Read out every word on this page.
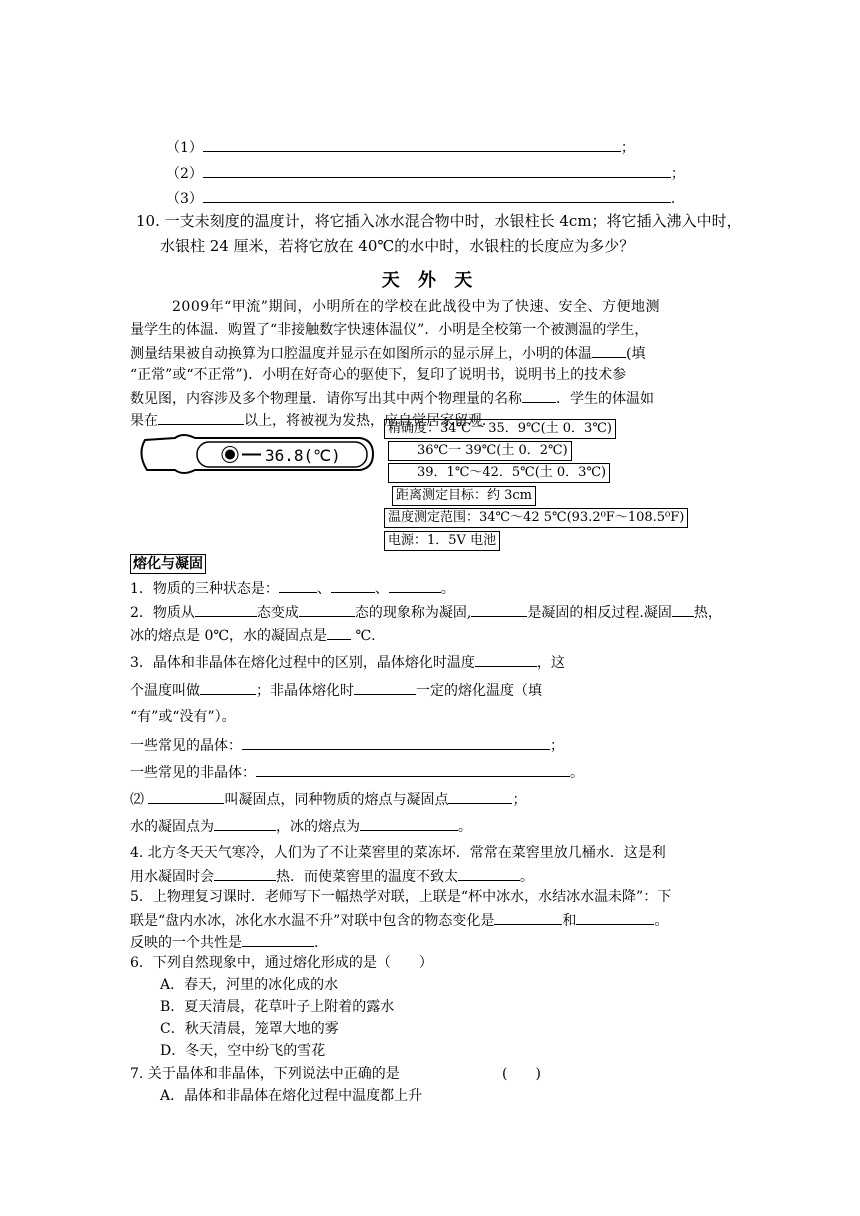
（1）	；
（2）	；
（3）	.
10. 一支未刻度的温度计，将它插入冰水混合物中时，水银柱长 4cm；将它插入沸入中时，
水银柱 24 厘米，若将它放在 40℃的水中时，水银柱的长度应为多少？
天 外 天
2009年“甲流”期间，小明所在的学校在此战役中为了快速、安全、方便地测
量学生的体温．购置了“非接触数字快速体温仪”．小明是全校第一个被测温的学生，
测量结果被自动换算为口腔温度并显示在如图所示的显示屏上，小明的体温 (填
“正常”或“不正常”)．小明在好奇心的驱使下，复印了说明书，说明书上的技术参
数见图，内容涉及多个物理量．请你写出其中两个物理量的名称 ．学生的体温如
果在	以上，将被视为发热，应自觉居家留观．
36.8(℃)
精确度：34℃一 35．9℃(土 0．3℃)
36℃一 39℃(土 0．2℃)
39．1℃～42．5℃(土 0．3℃)
距离测定目标：约 3cm
温度测定范围：34℃～42 5℃(93.2⁰F～108.5⁰F)
电源：1．5V 电池
熔化与凝固
1．物质的三种状态是：	、	、	。
2．物质从	态变成	态的现象称为凝固,	是凝固的相反过程.凝固 热，
冰的熔点是 0℃，水的凝固点是 ℃.
3．晶体和非晶体在熔化过程中的区别，晶体熔化时温度	，这
个温度叫做	；非晶体熔化时	一定的熔化温度（填
“有”或“没有”）。
一些常见的晶体：	；
一些常见的非晶体：	。
⑵	叫凝固点，同种物质的熔点与凝固点	；
水的凝固点为	，冰的熔点为	。
4. 北方冬天天气寒冷，人们为了不让菜窖里的菜冻坏．常常在菜窖里放几桶水．这是利
用水凝固时会	热．而使菜窖里的温度不致太	。
5．上物理复习课时．老师写下一幅热学对联，上联是“杯中冰水，水结冰水温未降”：下
联是“盘内水冰，冰化水水温不升”对联中包含的物态变化是	和	。
反映的一个共性是	.
6．下列自然现象中，通过熔化形成的是（　　）
A．春天，河里的冰化成的水
B．夏天清晨，花草叶子上附着的露水
C．秋天清晨，笼罩大地的雾
D．冬天，空中纷飞的雪花
7. 关于晶体和非晶体，下列说法中正确的是	(　　)
A．晶体和非晶体在熔化过程中温度都上升
